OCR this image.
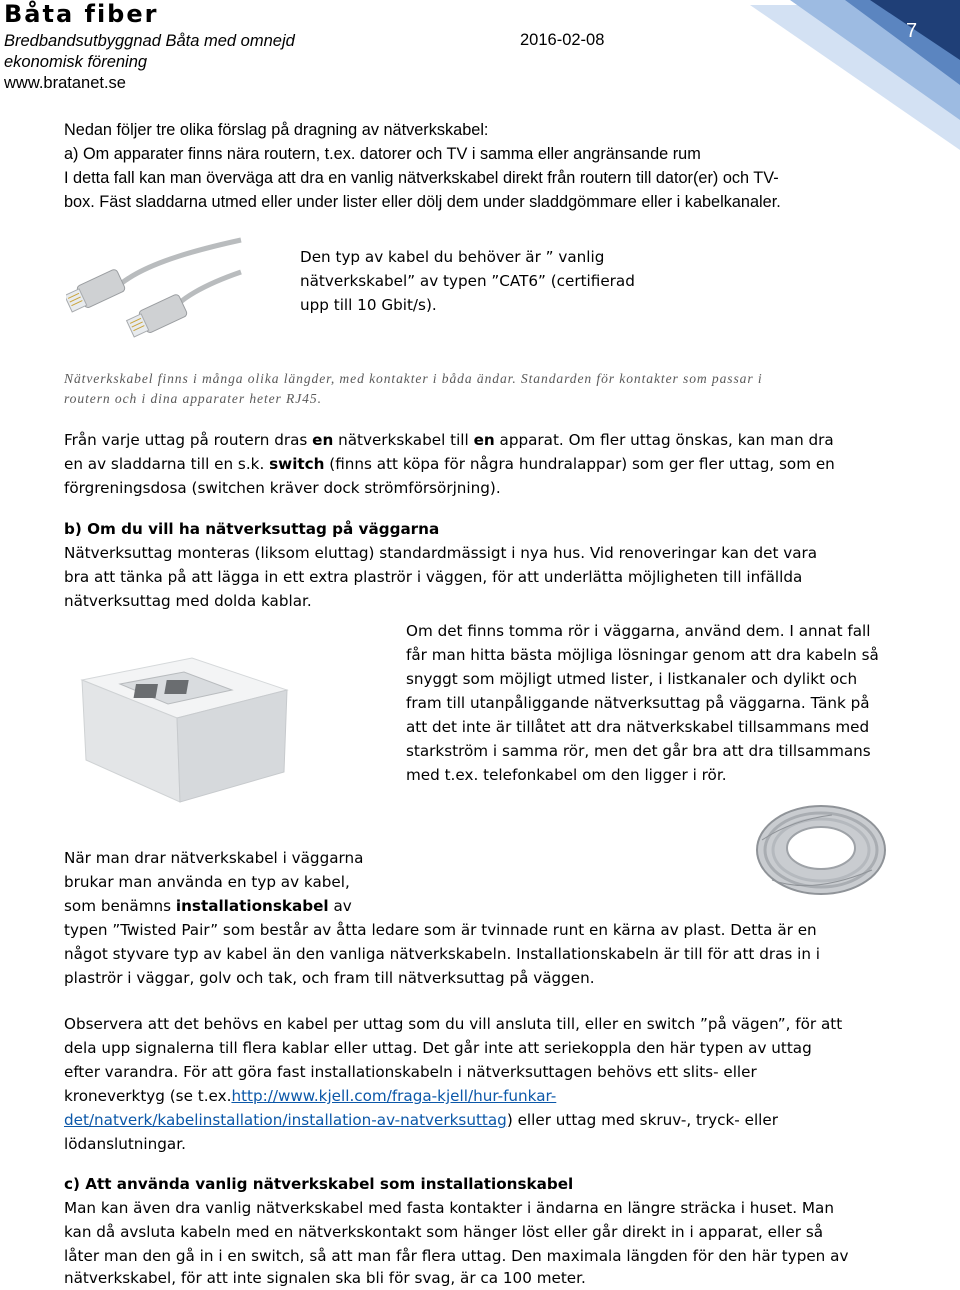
Båta fiber
Bredbandsutbyggnad Båta med omnejd
ekonomisk förening
www.bratanet.se
2016-02-08	7
Nedan följer tre olika förslag på dragning av nätverkskabel:
a) Om apparater finns nära routern, t.ex. datorer och TV i samma eller angränsande rum
I detta fall kan man överväga att dra en vanlig nätverkskabel direkt från routern till dator(er) och TV-
box. Fäst sladdarna utmed eller under lister eller dölj dem under sladdgömmare eller i kabelkanaler.
Den typ av kabel du behöver är ” vanlig
nätverkskabel” av typen ”CAT6” (certifierad
upp till 10 Gbit/s).
Nätverkskabel finns i många olika längder, med kontakter i båda ändar. Standarden för kontakter som passar i
routern och i dina apparater heter RJ45.
Från varje uttag på routern dras en nätverkskabel till en apparat. Om fler uttag önskas, kan man dra
en av sladdarna till en s.k. switch (finns att köpa för några hundralappar) som ger fler uttag, som en
förgreningsdosa (switchen kräver dock strömförsörjning).
b) Om du vill ha nätverksuttag på väggarna
Nätverksuttag monteras (liksom eluttag) standardmässigt i nya hus. Vid renoveringar kan det vara
bra att tänka på att lägga in ett extra plaströr i väggen, för att underlätta möjligheten till infällda
nätverksuttag med dolda kablar.
Om det finns tomma rör i väggarna, använd dem. I annat fall
får man hitta bästa möjliga lösningar genom att dra kabeln så
snyggt som möjligt utmed lister, i listkanaler och dylikt och
fram till utanpåliggande nätverksuttag på väggarna. Tänk på
att det inte är tillåtet att dra nätverkskabel tillsammans med
starkström i samma rör, men det går bra att dra tillsammans
med t.ex. telefonkabel om den ligger i rör.
När man drar nätverkskabel i väggarna
brukar man använda en typ av kabel,
som benämns installationskabel av
typen ”Twisted Pair” som består av åtta ledare som är tvinnade runt en kärna av plast. Detta är en
något styvare typ av kabel än den vanliga nätverkskabeln. Installationskabeln är till för att dras in i
plaströr i väggar, golv och tak, och fram till nätverksuttag på väggen.
Observera att det behövs en kabel per uttag som du vill ansluta till, eller en switch ”på vägen”, för att
dela upp signalerna till flera kablar eller uttag. Det går inte att seriekoppla den här typen av uttag
efter varandra. För att göra fast installationskabeln i nätverksuttagen behövs ett slits- eller
kroneverktyg (se t.ex.http://www.kjell.com/fraga-kjell/hur-funkar-
det/natverk/kabelinstallation/installation-av-natverksuttag) eller uttag med skruv-, tryck- eller
lödanslutningar.
c) Att använda vanlig nätverkskabel som installationskabel
Man kan även dra vanlig nätverkskabel med fasta kontakter i ändarna en längre sträcka i huset. Man
kan då avsluta kabeln med en nätverkskontakt som hänger löst eller går direkt in i apparat, eller så
låter man den gå in i en switch, så att man får flera uttag. Den maximala längden för den här typen av
nätverkskabel, för att inte signalen ska bli för svag, är ca 100 meter.
